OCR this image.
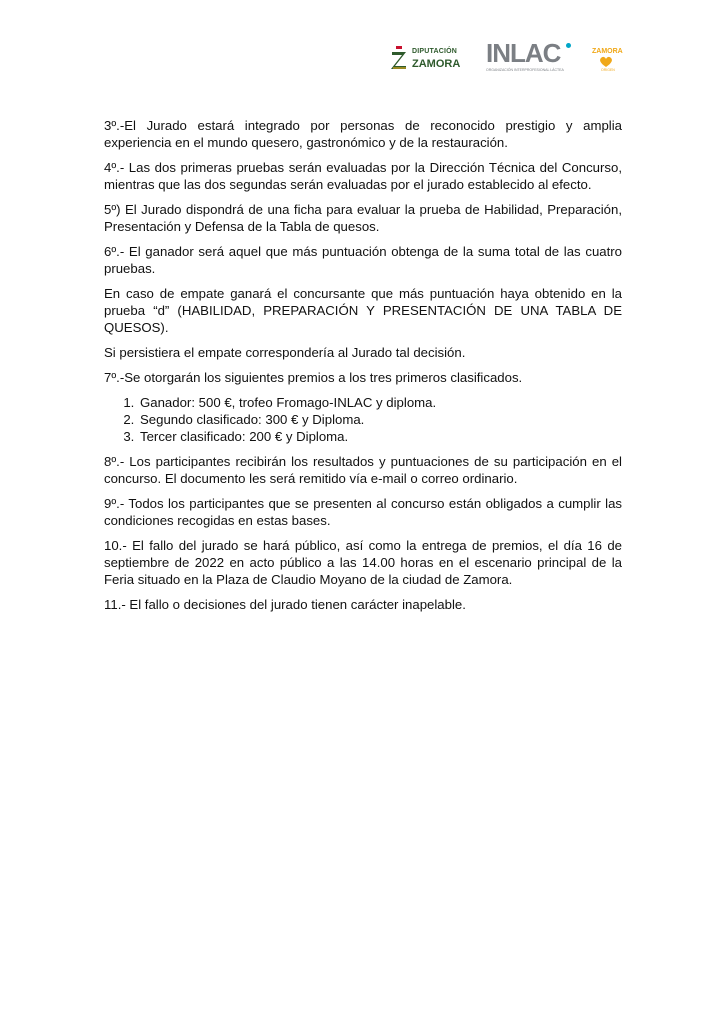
DIPUTACIÓN
ZAMORA INLAC
ORGANIZACIÓN INTERPROFESIONAL LÁCTEA
ZAMORA
ORIGEN

3º.-El Jurado estará integrado por personas de reconocido prestigio y amplia experiencia en el mundo quesero, gastronómico y de la restauración.

4º.- Las dos primeras pruebas serán evaluadas por la Dirección Técnica del Concurso, mientras que las dos segundas serán evaluadas por el jurado establecido al efecto.

5º) El Jurado dispondrá de una ficha para evaluar la prueba de Habilidad, Preparación, Presentación y Defensa de la Tabla de quesos.

6º.- El ganador será aquel que más puntuación obtenga de la suma total de las cuatro pruebas.

En caso de empate ganará el concursante que más puntuación haya obtenido en la prueba “d” (HABILIDAD, PREPARACIÓN Y PRESENTACIÓN DE UNA TABLA DE QUESOS).

Si persistiera el empate correspondería al Jurado tal decisión.

7º.-Se otorgarán los siguientes premios a los tres primeros clasificados.

1. Ganador: 500 €, trofeo Fromago-INLAC y diploma.
2. Segundo clasificado: 300 € y Diploma.
3. Tercer clasificado: 200 € y Diploma.

8º.- Los participantes recibirán los resultados y puntuaciones de su participación en el concurso. El documento les será remitido vía e-mail o correo ordinario.

9º.- Todos los participantes que se presenten al concurso están obligados a cumplir las condiciones recogidas en estas bases.

10.- El fallo del jurado se hará público, así como la entrega de premios, el día 16 de septiembre de 2022 en acto público a las 14.00 horas en el escenario principal de la Feria situado en la Plaza de Claudio Moyano de la ciudad de Zamora.

11.- El fallo o decisiones del jurado tienen carácter inapelable.
